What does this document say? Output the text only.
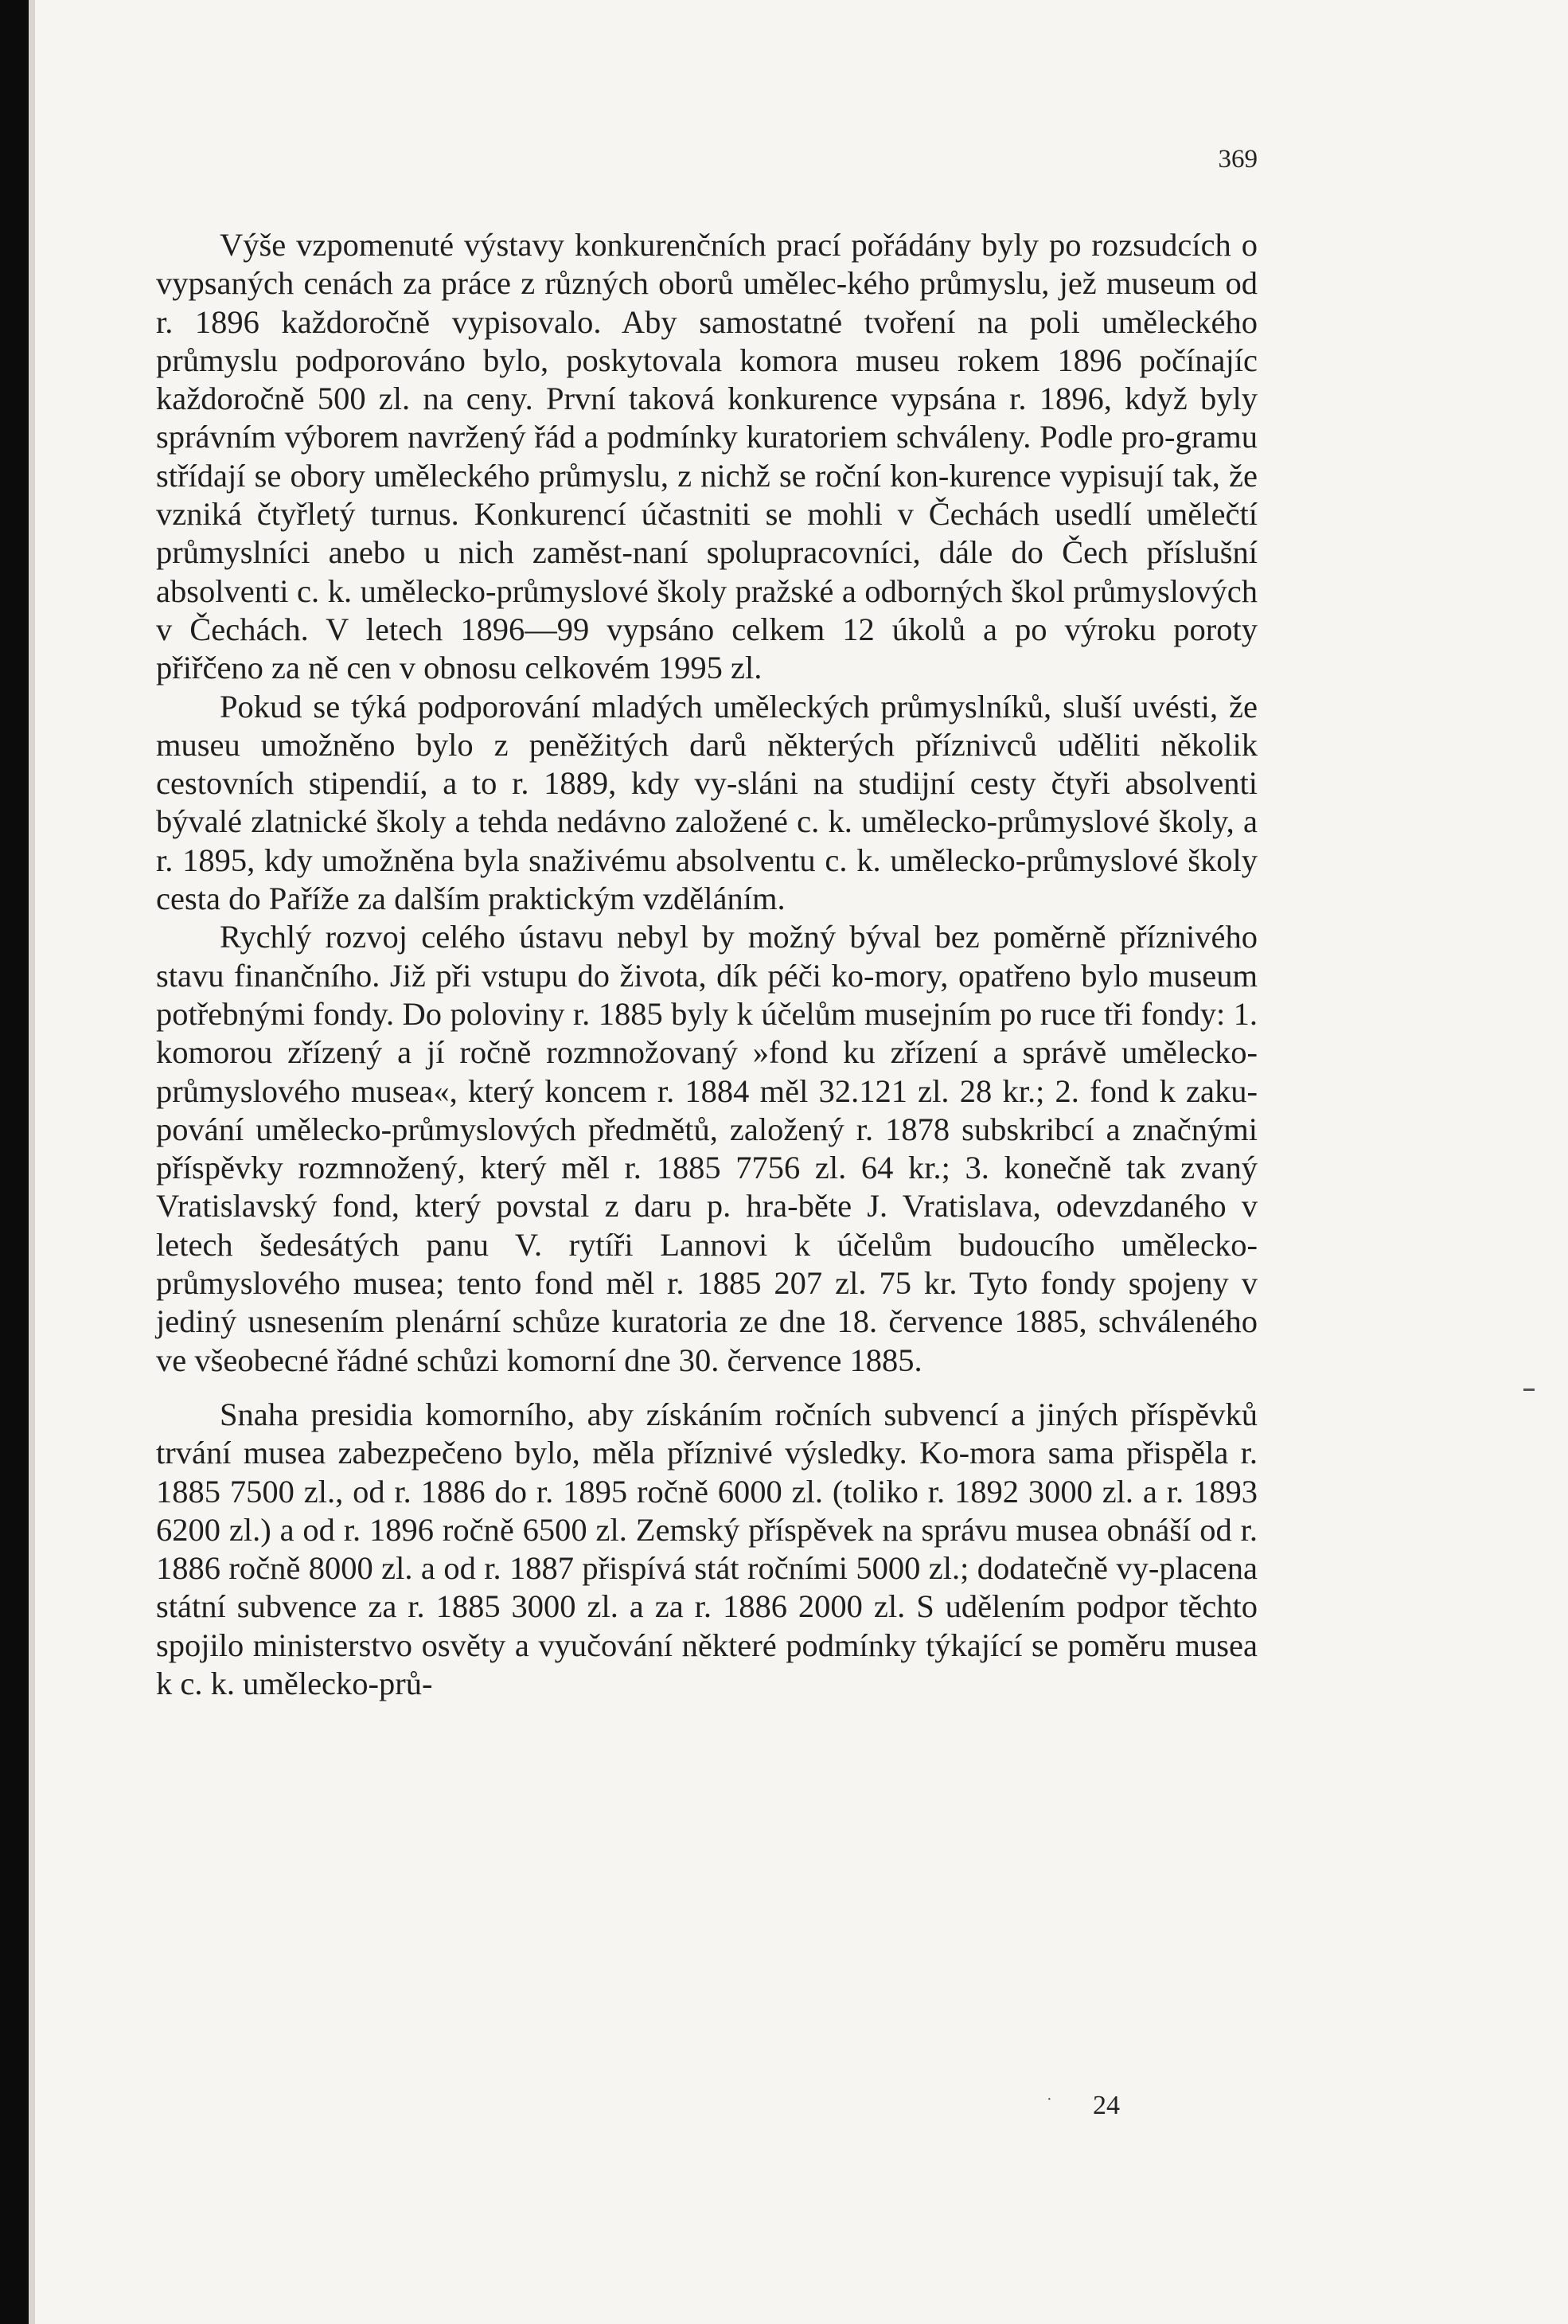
369

Výše vzpomenuté výstavy konkurenčních prací pořádány byly po rozsudcích o vypsaných cenách za práce z různých oborů umělec-kého průmyslu, jež museum od r. 1896 každoročně vypisovalo. Aby samostatné tvoření na poli uměleckého průmyslu podporováno bylo, poskytovala komora museu rokem 1896 počínajíc každoročně 500 zl. na ceny. První taková konkurence vypsána r. 1896, když byly správním výborem navržený řád a podmínky kuratoriem schváleny. Podle pro-gramu střídají se obory uměleckého průmyslu, z nichž se roční kon-kurence vypisují tak, že vzniká čtyřletý turnus. Konkurencí účastniti se mohli v Čechách usedlí umělečtí průmyslníci anebo u nich zaměst-naní spolupracovníci, dále do Čech příslušní absolventi c. k. umělecko-průmyslové školy pražské a odborných škol průmyslových v Čechách. V letech 1896—99 vypsáno celkem 12 úkolů a po výroku poroty přiřčeno za ně cen v obnosu celkovém 1995 zl.

Pokud se týká podporování mladých uměleckých průmyslníků, sluší uvésti, že museu umožněno bylo z peněžitých darů některých příznivců uděliti několik cestovních stipendií, a to r. 1889, kdy vy-sláni na studijní cesty čtyři absolventi bývalé zlatnické školy a tehda nedávno založené c. k. umělecko-průmyslové školy, a r. 1895, kdy umožněna byla snaživému absolventu c. k. umělecko-průmyslové školy cesta do Paříže za dalším praktickým vzděláním.

Rychlý rozvoj celého ústavu nebyl by možný býval bez poměrně příznivého stavu finančního. Již při vstupu do života, dík péči ko-mory, opatřeno bylo museum potřebnými fondy. Do poloviny r. 1885 byly k účelům musejním po ruce tři fondy: 1. komorou zřízený a jí ročně rozmnožovaný »fond ku zřízení a správě umělecko-průmyslového musea«, který koncem r. 1884 měl 32.121 zl. 28 kr.; 2. fond k zaku-pování umělecko-průmyslových předmětů, založený r. 1878 subskribcí a značnými příspěvky rozmnožený, který měl r. 1885 7756 zl. 64 kr.; 3. konečně tak zvaný Vratislavský fond, který povstal z daru p. hra-běte J. Vratislava, odevzdaného v letech šedesátých panu V. rytíři Lannovi k účelům budoucího umělecko-průmyslového musea; tento fond měl r. 1885 207 zl. 75 kr. Tyto fondy spojeny v jediný usnesením plenární schůze kuratoria ze dne 18. července 1885, schváleného ve všeobecné řádné schůzi komorní dne 30. července 1885.

Snaha presidia komorního, aby získáním ročních subvencí a jiných příspěvků trvání musea zabezpečeno bylo, měla příznivé výsledky. Ko-mora sama přispěla r. 1885 7500 zl., od r. 1886 do r. 1895 ročně 6000 zl. (toliko r. 1892 3000 zl. a r. 1893 6200 zl.) a od r. 1896 ročně 6500 zl. Zemský příspěvek na správu musea obnáší od r. 1886 ročně 8000 zl. a od r. 1887 přispívá stát ročními 5000 zl.; dodatečně vy-placena státní subvence za r. 1885 3000 zl. a za r. 1886 2000 zl. S udělením podpor těchto spojilo ministerstvo osvěty a vyučování některé podmínky týkající se poměru musea k c. k. umělecko-prů-

·	24
